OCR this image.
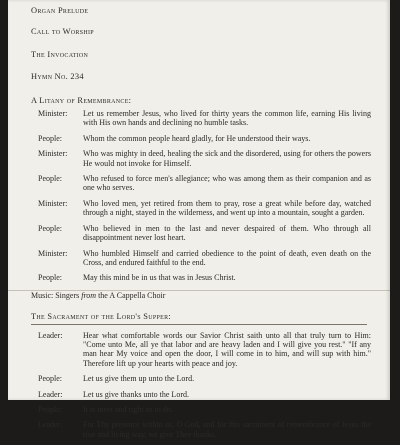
Organ Prelude
Call to Worship
The Invocation
Hymn No. 234
A Litany of Remembrance:
Minister: Let us remember Jesus, who lived for thirty years the common life, earning His living with His own hands and declining no humble tasks.
People:	Whom the common people heard gladly, for He understood their ways.
Minister: Who was mighty in deed, healing the sick and the disordered, using for others the powers He would not invoke for Himself.
People:	Who refused to force men's allegiance; who was among them as their companion and as one who serves.
Minister: Who loved men, yet retired from them to pray, rose a great while before day, watched through a night, stayed in the wilderness, and went up into a mountain, sought a garden.
People:	Who believed in men to the last and never despaired of them. Who through all disappointment never lost heart.
Minister: Who humbled Himself and carried obedience to the point of death, even death on the Cross, and endured faithful to the end.
People:	May this mind be in us that was in Jesus Christ.
Music: Singers from the A Cappella Choir
The Sacrament of the Lord's Supper:
Leader:	Hear what comfortable words our Savior Christ saith unto all that truly turn to Him: "Come unto Me, all ye that labor and are heavy laden and I will give you rest." "If any man hear My voice and open the door, I will come in to him, and will sup with him." Therefore lift up your hearts with peace and joy.
People:	Let us give them up unto the Lord.
Leader:	Let us give thanks unto the Lord.
People:	It is meet and right so to do.
Leader:	For Thy presence within us, O God, and for this sacrament of remembrance of Jesus the true and living way, we give Thee thanks.
